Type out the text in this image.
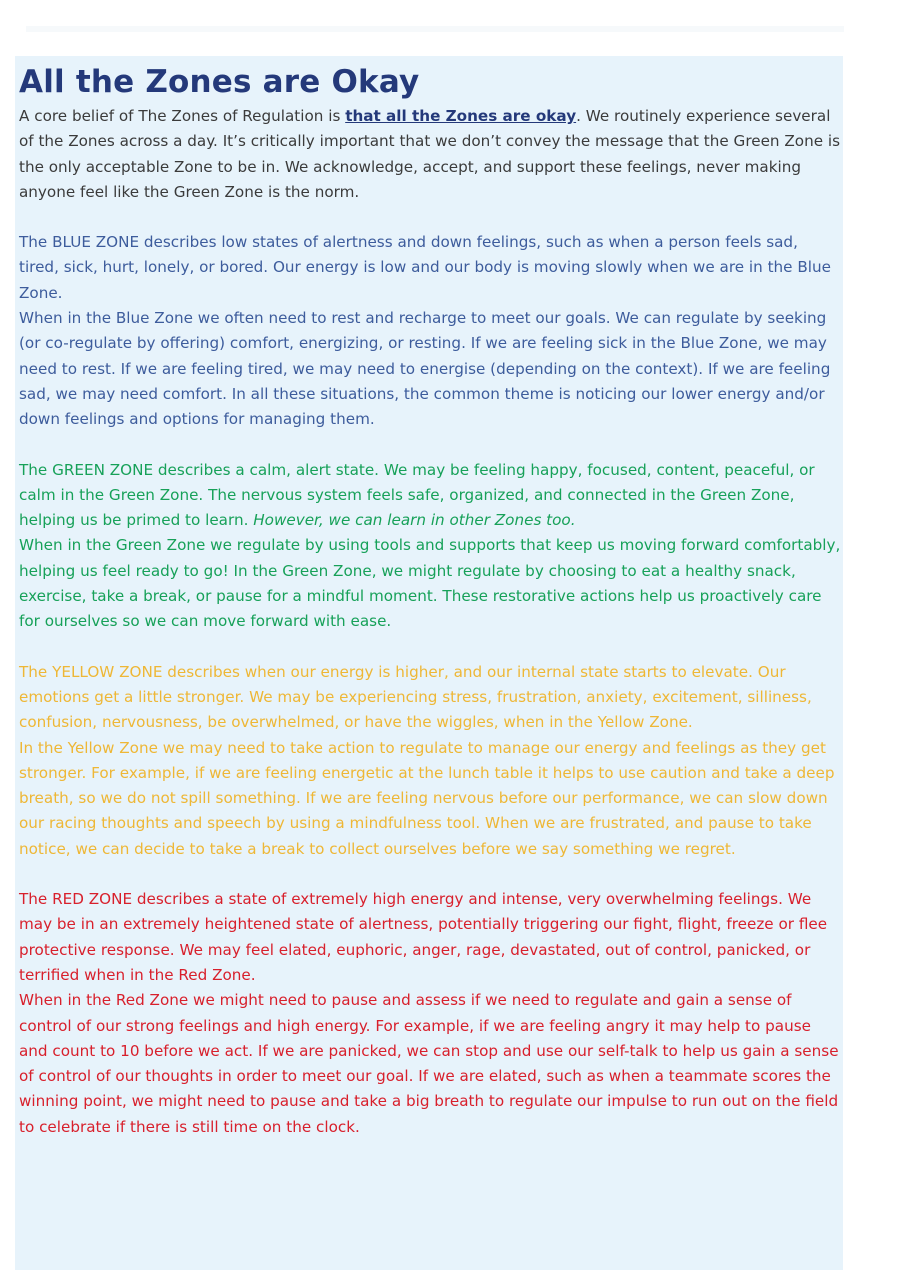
All the Zones are Okay

A core belief of The Zones of Regulation is that all the Zones are okay. We routinely experience several of the Zones across a day. It’s critically important that we don’t convey the message that the Green Zone is the only acceptable Zone to be in. We acknowledge, accept, and support these feelings, never making anyone feel like the Green Zone is the norm.

The BLUE ZONE describes low states of alertness and down feelings, such as when a person feels sad, tired, sick, hurt, lonely, or bored. Our energy is low and our body is moving slowly when we are in the Blue Zone.

When in the Blue Zone we often need to rest and recharge to meet our goals. We can regulate by seeking (or co-regulate by offering) comfort, energizing, or resting. If we are feeling sick in the Blue Zone, we may need to rest. If we are feeling tired, we may need to energise (depending on the context). If we are feeling sad, we may need comfort. In all these situations, the common theme is noticing our lower energy and/or down feelings and options for managing them.

The GREEN ZONE describes a calm, alert state. We may be feeling happy, focused, content, peaceful, or calm in the Green Zone. The nervous system feels safe, organized, and connected in the Green Zone, helping us be primed to learn. However, we can learn in other Zones too.

When in the Green Zone we regulate by using tools and supports that keep us moving forward comfortably, helping us feel ready to go! In the Green Zone, we might regulate by choosing to eat a healthy snack, exercise, take a break, or pause for a mindful moment. These restorative actions help us proactively care for ourselves so we can move forward with ease.

The YELLOW ZONE describes when our energy is higher, and our internal state starts to elevate. Our emotions get a little stronger. We may be experiencing stress, frustration, anxiety, excitement, silliness, confusion, nervousness, be overwhelmed, or have the wiggles, when in the Yellow Zone.

In the Yellow Zone we may need to take action to regulate to manage our energy and feelings as they get stronger. For example, if we are feeling energetic at the lunch table it helps to use caution and take a deep breath, so we do not spill something. If we are feeling nervous before our performance, we can slow down our racing thoughts and speech by using a mindfulness tool. When we are frustrated, and pause to take notice, we can decide to take a break to collect ourselves before we say something we regret.

The RED ZONE describes a state of extremely high energy and intense, very overwhelming feelings. We may be in an extremely heightened state of alertness, potentially triggering our fight, flight, freeze or flee protective response. We may feel elated, euphoric, anger, rage, devastated, out of control, panicked, or terrified when in the Red Zone.

When in the Red Zone we might need to pause and assess if we need to regulate and gain a sense of control of our strong feelings and high energy. For example, if we are feeling angry it may help to pause and count to 10 before we act. If we are panicked, we can stop and use our self-talk to help us gain a sense of control of our thoughts in order to meet our goal. If we are elated, such as when a teammate scores the winning point, we might need to pause and take a big breath to regulate our impulse to run out on the field to celebrate if there is still time on the clock.
